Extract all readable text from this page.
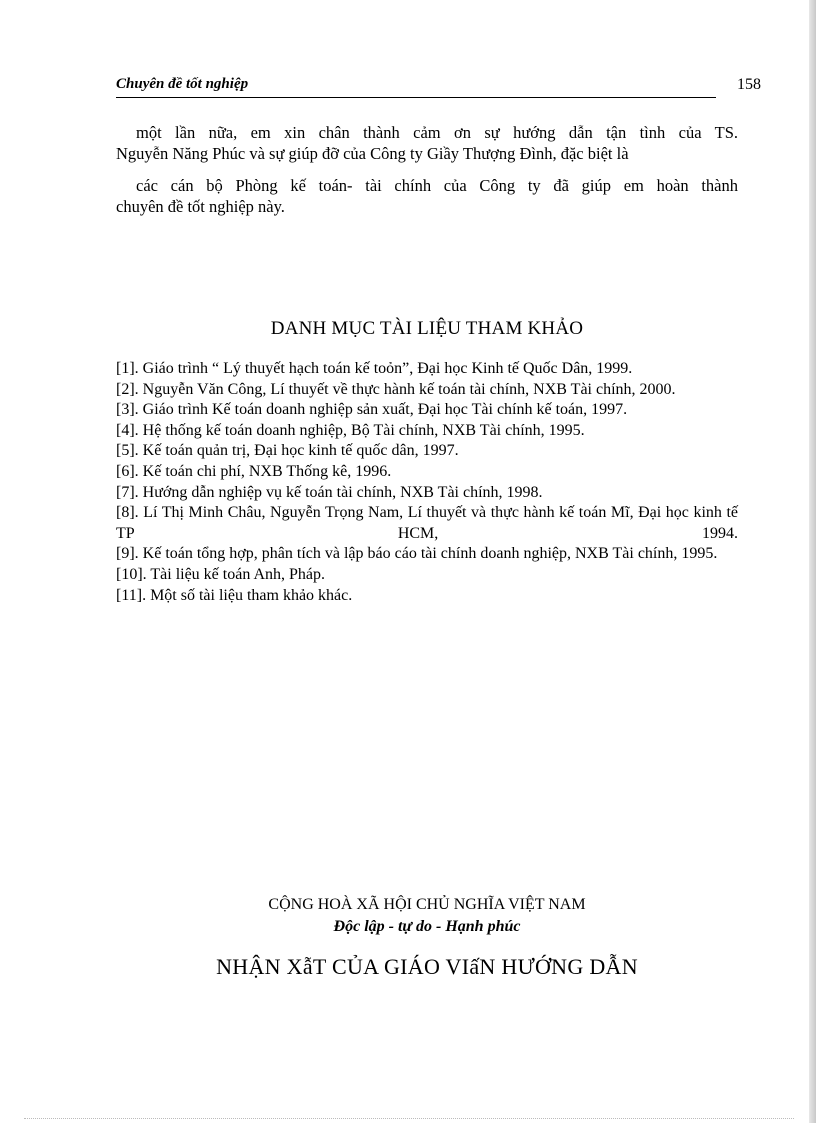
Chuyên đề tốt nghiệp	158

một lần nữa, em xin chân thành cảm ơn sự hướng dẫn tận tình của TS.
Nguyễn Năng Phúc và sự giúp đỡ của Công ty Giầy Thượng Đình, đặc biệt là

các cán bộ Phòng kế toán- tài chính của Công ty đã giúp em hoàn thành
chuyên đề tốt nghiệp này.

DANH MỤC TÀI LIỆU THAM KHẢO
[1]. Giáo trình “ Lý thuyết hạch toán kế toỏn”, Đại học Kinh tế Quốc Dân, 1999.
[2]. Nguyễn Văn Công, Lí thuyết về thực hành kế toán tài chính, NXB Tài chính, 2000.
[3]. Giáo trình Kế toán doanh nghiệp sản xuất, Đại học Tài chính kế toán, 1997.
[4]. Hệ thống kế toán doanh nghiệp, Bộ Tài chính, NXB Tài chính, 1995.
[5]. Kế toán quản trị, Đại học kinh tế quốc dân, 1997.
[6]. Kế toán chi phí, NXB Thống kê, 1996.
[7]. Hướng dẫn nghiệp vụ kế toán tài chính, NXB Tài chính, 1998.
[8]. Lí Thị Minh Châu, Nguyễn Trọng Nam, Lí thuyết và thực hành kế toán Mĩ, Đại học kinh tế TP HCM, 1994.
[9]. Kế toán tổng hợp, phân tích và lập báo cáo tài chính doanh nghiệp, NXB Tài chính, 1995.
[10]. Tài liệu kế toán Anh, Pháp.
[11]. Một số tài liệu tham khảo khác.
CỘNG HOÀ XÃ HỘI CHỦ NGHĨA VIỆT NAM
Độc lập - tự do - Hạnh phúc
NHẬN XẫT CỦA GIÁO VIấN HƯỚNG DẪN
